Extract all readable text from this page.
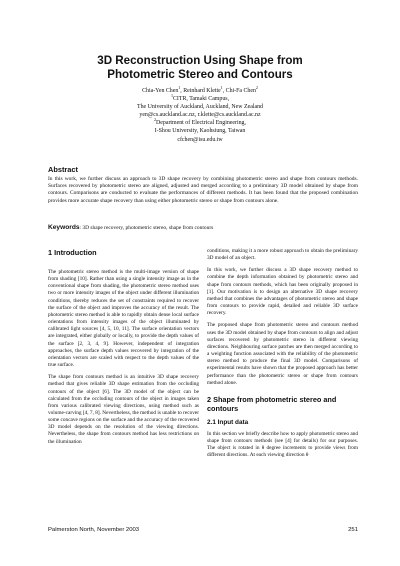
3D Reconstruction Using Shape from
Photometric Stereo and Contours
Chia-Yen Chen$^1$, Reinhard Klette$^1$, Chi-Fa Chen$^2$
$^1$CITR, Tamaki Campus,
The University of Auckland, Auckland, New Zealand
yen@cs.auckland.ac.nz, r.klette@cs.auckland.ac.nz
$^2$Department of Electrical Engineering,
I-Shou University, Kaohsiung, Taiwan
cfchen@isu.edu.tw
Abstract

In this work, we further discuss an approach to 3D shape recovery by combining photometric stereo and shape from contours methods. Surfaces recovered by photometric stereo are aligned, adjusted and merged according to a preliminary 3D model obtained by shape from contours. Comparisons are conducted to evaluate the performances of different methods. It has been found that the proposed combination provides more accurate shape recovery than using either photometric stereo or shape from contours alone.

Keywords: 3D shape recovery, photometric stereo, shape from contours

1 Introduction

The photometric stereo method is the multi-image version of shape from shading [10]. Rather than using a single intensity image as in the conventional shape from shading, the photometric stereo method uses two or more intensity images of the object under different illumination conditions, thereby reduces the set of constraints required to recover the surface of the object and improves the accuracy of the result. The photometric stereo method is able to rapidly obtain dense local surface orientations from intensity images of the object illuminated by calibrated light sources [4, 5, 10, 11]. The surface orientation vectors are integrated, either globally or locally, to provide the depth values of the surface [2, 3, 4, 9]. However, independent of integration approaches, the surface depth values recovered by integration of the orientation vectors are scaled with respect to the depth values of the true surface.

The shape from contours method is an intuitive 3D shape recovery method that gives reliable 3D shape estimation from the occluding contours of the object [6]. The 3D model of the object can be calculated from the occluding contours of the object in images taken from various calibrated viewing directions, using method such as volume-carving [4, 7, 8]. Nevertheless, the method is unable to recover some concave regions on the surface and the accuracy of the recovered 3D model depends on the resolution of the viewing directions. Nevertheless, the shape from contours method has less restrictions on the illumination

conditions, making it a more robust approach to obtain the preliminary 3D model of an object.

In this work, we further discuss a 3D shape recovery method to combine the depth information obtained by photometric stereo and shape from contours methods, which has been originally proposed in [1]. Our motivation is to design an alternative 3D shape recovery method that combines the advantages of photometric stereo and shape from contours to provide rapid, detailed and reliable 3D surface recovery.

The proposed shape from photometric stereo and contours method uses the 3D model obtained by shape from contours to align and adjust surfaces recovered by photometric stereo in different viewing directions. Neighbouring surface patches are then merged according to a weighting function associated with the reliability of the photometric stereo method to produce the final 3D model. Comparisons of experimental results have shown that the proposed approach has better performance than the photometric stereo or shape from contours method alone.

2 Shape from photometric stereo and contours
2.1 Input data

In this section we briefly describe how to apply photometric stereo and shape from contours methods (see [4] for details) for our purposes. The object is rotated in θ degree increments to provide views from different directions. At each viewing direction θ

Palmerston North, November 2003	251
